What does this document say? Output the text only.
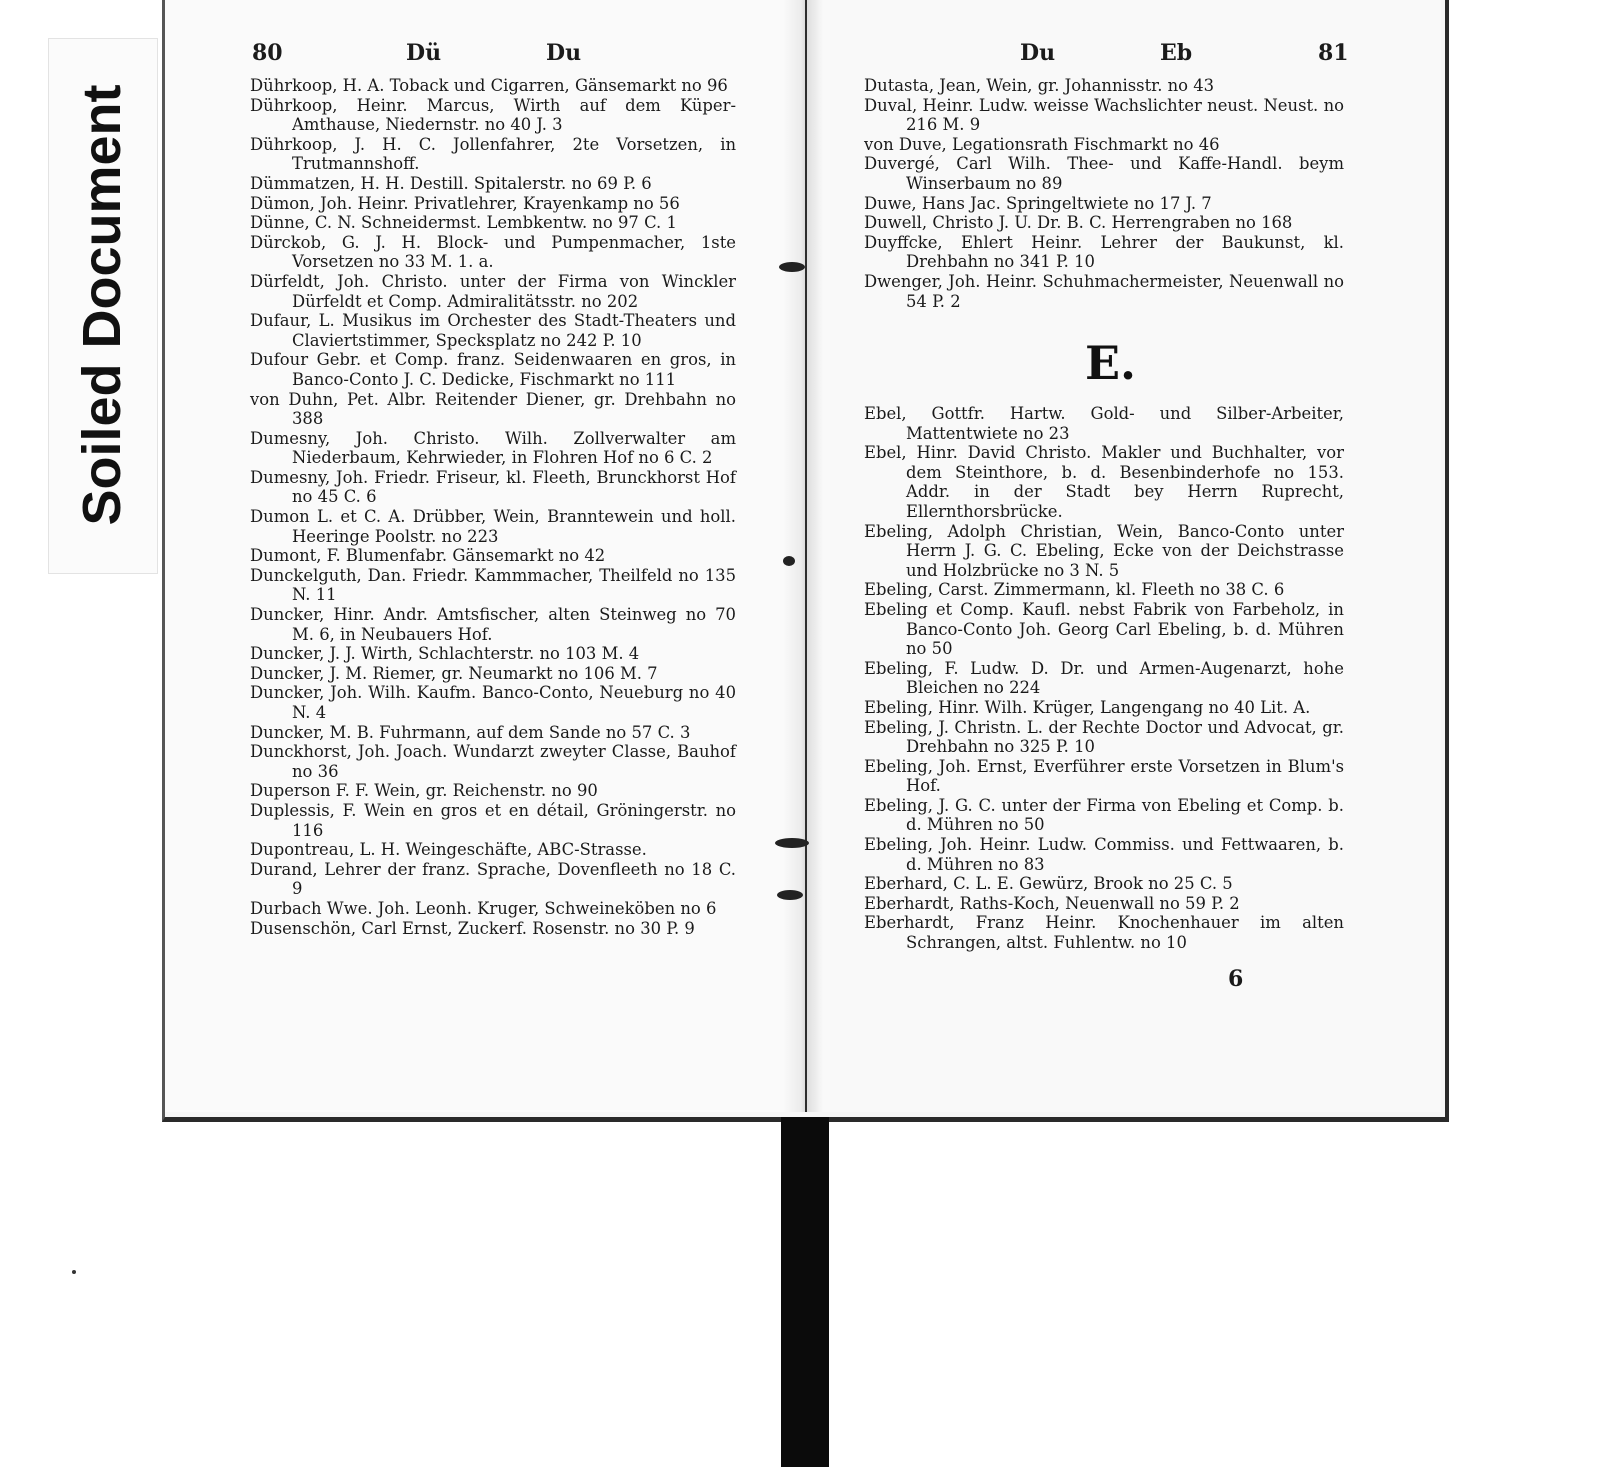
Soiled Document
80	Dü	Du
Dührkoop, H. A. Toback und Cigarren, Gänsemarkt no 96
Dührkoop, Heinr. Marcus, Wirth auf dem Küper-Amthause, Niedernstr. no 40 J. 3
Dührkoop, J. H. C. Jollenfahrer, 2te Vorsetzen, in Trutmannshoff.
Dümmatzen, H. H. Destill. Spitalerstr. no 69 P. 6
Dümon, Joh. Heinr. Privatlehrer, Krayenkamp no 56
Dünne, C. N. Schneidermst. Lembkentw. no 97 C. 1
Dürckob, G. J. H. Block- und Pumpenmacher, 1ste Vorsetzen no 33 M. 1. a.
Dürfeldt, Joh. Christo. unter der Firma von Winckler Dürfeldt et Comp. Admiralitätsstr. no 202
Dufaur, L. Musikus im Orchester des Stadt-Theaters und Claviertstimmer, Specksplatz no 242 P. 10
Dufour Gebr. et Comp. franz. Seidenwaaren en gros, in Banco-Conto J. C. Dedicke, Fischmarkt no 111
von Duhn, Pet. Albr. Reitender Diener, gr. Drehbahn no 388
Dumesny, Joh. Christo. Wilh. Zollverwalter am Niederbaum, Kehrwieder, in Flohren Hof no 6 C. 2
Dumesny, Joh. Friedr. Friseur, kl. Fleeth, Brunckhorst Hof no 45 C. 6
Dumon L. et C. A. Drübber, Wein, Branntewein und holl. Heeringe Poolstr. no 223
Dumont, F. Blumenfabr. Gänsemarkt no 42
Dunckelguth, Dan. Friedr. Kammmacher, Theilfeld no 135 N. 11
Duncker, Hinr. Andr. Amtsfischer, alten Steinweg no 70 M. 6, in Neubauers Hof.
Duncker, J. J. Wirth, Schlachterstr. no 103 M. 4
Duncker, J. M. Riemer, gr. Neumarkt no 106 M. 7
Duncker, Joh. Wilh. Kaufm. Banco-Conto, Neueburg no 40 N. 4
Duncker, M. B. Fuhrmann, auf dem Sande no 57 C. 3
Dunckhorst, Joh. Joach. Wundarzt zweyter Classe, Bauhof no 36
Duperson F. F. Wein, gr. Reichenstr. no 90
Duplessis, F. Wein en gros et en détail, Gröningerstr. no 116
Dupontreau, L. H. Weingeschäfte, ABC-Strasse.
Durand, Lehrer der franz. Sprache, Dovenfleeth no 18 C. 9
Durbach Wwe. Joh. Leonh. Kruger, Schweineköben no 6
Dusenschön, Carl Ernst, Zuckerf. Rosenstr. no 30 P. 9
Du	Eb	81
Dutasta, Jean, Wein, gr. Johannisstr. no 43
Duval, Heinr. Ludw. weisse Wachslichter neust. Neust. no 216 M. 9
von Duve, Legationsrath Fischmarkt no 46
Duvergé, Carl Wilh. Thee- und Kaffe-Handl. beym Winserbaum no 89
Duwe, Hans Jac. Springeltwiete no 17 J. 7
Duwell, Christo J. U. Dr. B. C. Herrengraben no 168
Duyffcke, Ehlert Heinr. Lehrer der Baukunst, kl. Drehbahn no 341 P. 10
Dwenger, Joh. Heinr. Schuhmachermeister, Neuenwall no 54 P. 2
E.
Ebel, Gottfr. Hartw. Gold- und Silber-Arbeiter, Mattentwiete no 23
Ebel, Hinr. David Christo. Makler und Buchhalter, vor dem Steinthore, b. d. Besenbinderhofe no 153. Addr. in der Stadt bey Herrn Ruprecht, Ellernthorsbrücke.
Ebeling, Adolph Christian, Wein, Banco-Conto unter Herrn J. G. C. Ebeling, Ecke von der Deichstrasse und Holzbrücke no 3 N. 5
Ebeling, Carst. Zimmermann, kl. Fleeth no 38 C. 6
Ebeling et Comp. Kaufl. nebst Fabrik von Farbeholz, in Banco-Conto Joh. Georg Carl Ebeling, b. d. Mühren no 50
Ebeling, F. Ludw. D. Dr. und Armen-Augenarzt, hohe Bleichen no 224
Ebeling, Hinr. Wilh. Krüger, Langengang no 40 Lit. A.
Ebeling, J. Christn. L. der Rechte Doctor und Advocat, gr. Drehbahn no 325 P. 10
Ebeling, Joh. Ernst, Everführer erste Vorsetzen in Blum's Hof.
Ebeling, J. G. C. unter der Firma von Ebeling et Comp. b. d. Mühren no 50
Ebeling, Joh. Heinr. Ludw. Commiss. und Fettwaaren, b. d. Mühren no 83
Eberhard, C. L. E. Gewürz, Brook no 25 C. 5
Eberhardt, Raths-Koch, Neuenwall no 59 P. 2
Eberhardt, Franz Heinr. Knochenhauer im alten Schrangen, altst. Fuhlentw. no 10
6
